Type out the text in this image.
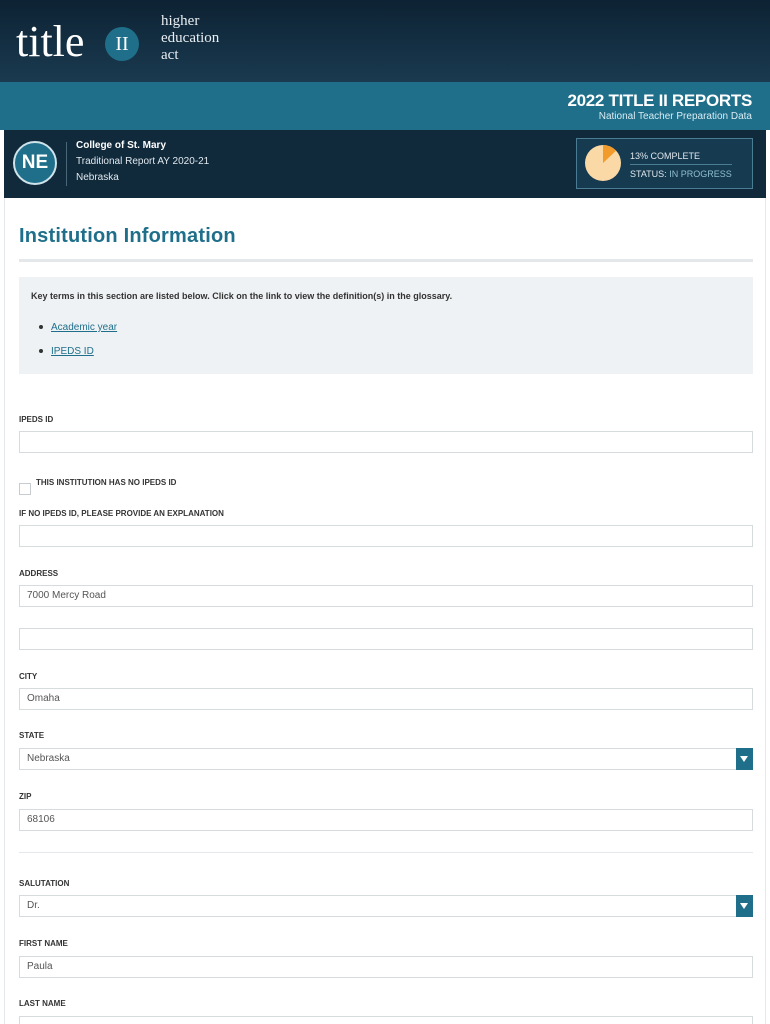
title	II
higher
education
act
2022 TITLE II REPORTS
National Teacher Preparation Data
NE
College of St. Mary
Traditional Report AY 2020-21
Nebraska
13% COMPLETE
STATUS: IN PROGRESS
Institution Information
Key terms in this section are listed below. Click on the link to view the definition(s) in the glossary.
Academic year
IPEDS ID
IPEDS ID
THIS INSTITUTION HAS NO IPEDS ID
IF NO IPEDS ID, PLEASE PROVIDE AN EXPLANATION
ADDRESS
7000 Mercy Road
CITY
Omaha
STATE
Nebraska
ZIP
68106
SALUTATION
Dr.
FIRST NAME
Paula
LAST NAME
